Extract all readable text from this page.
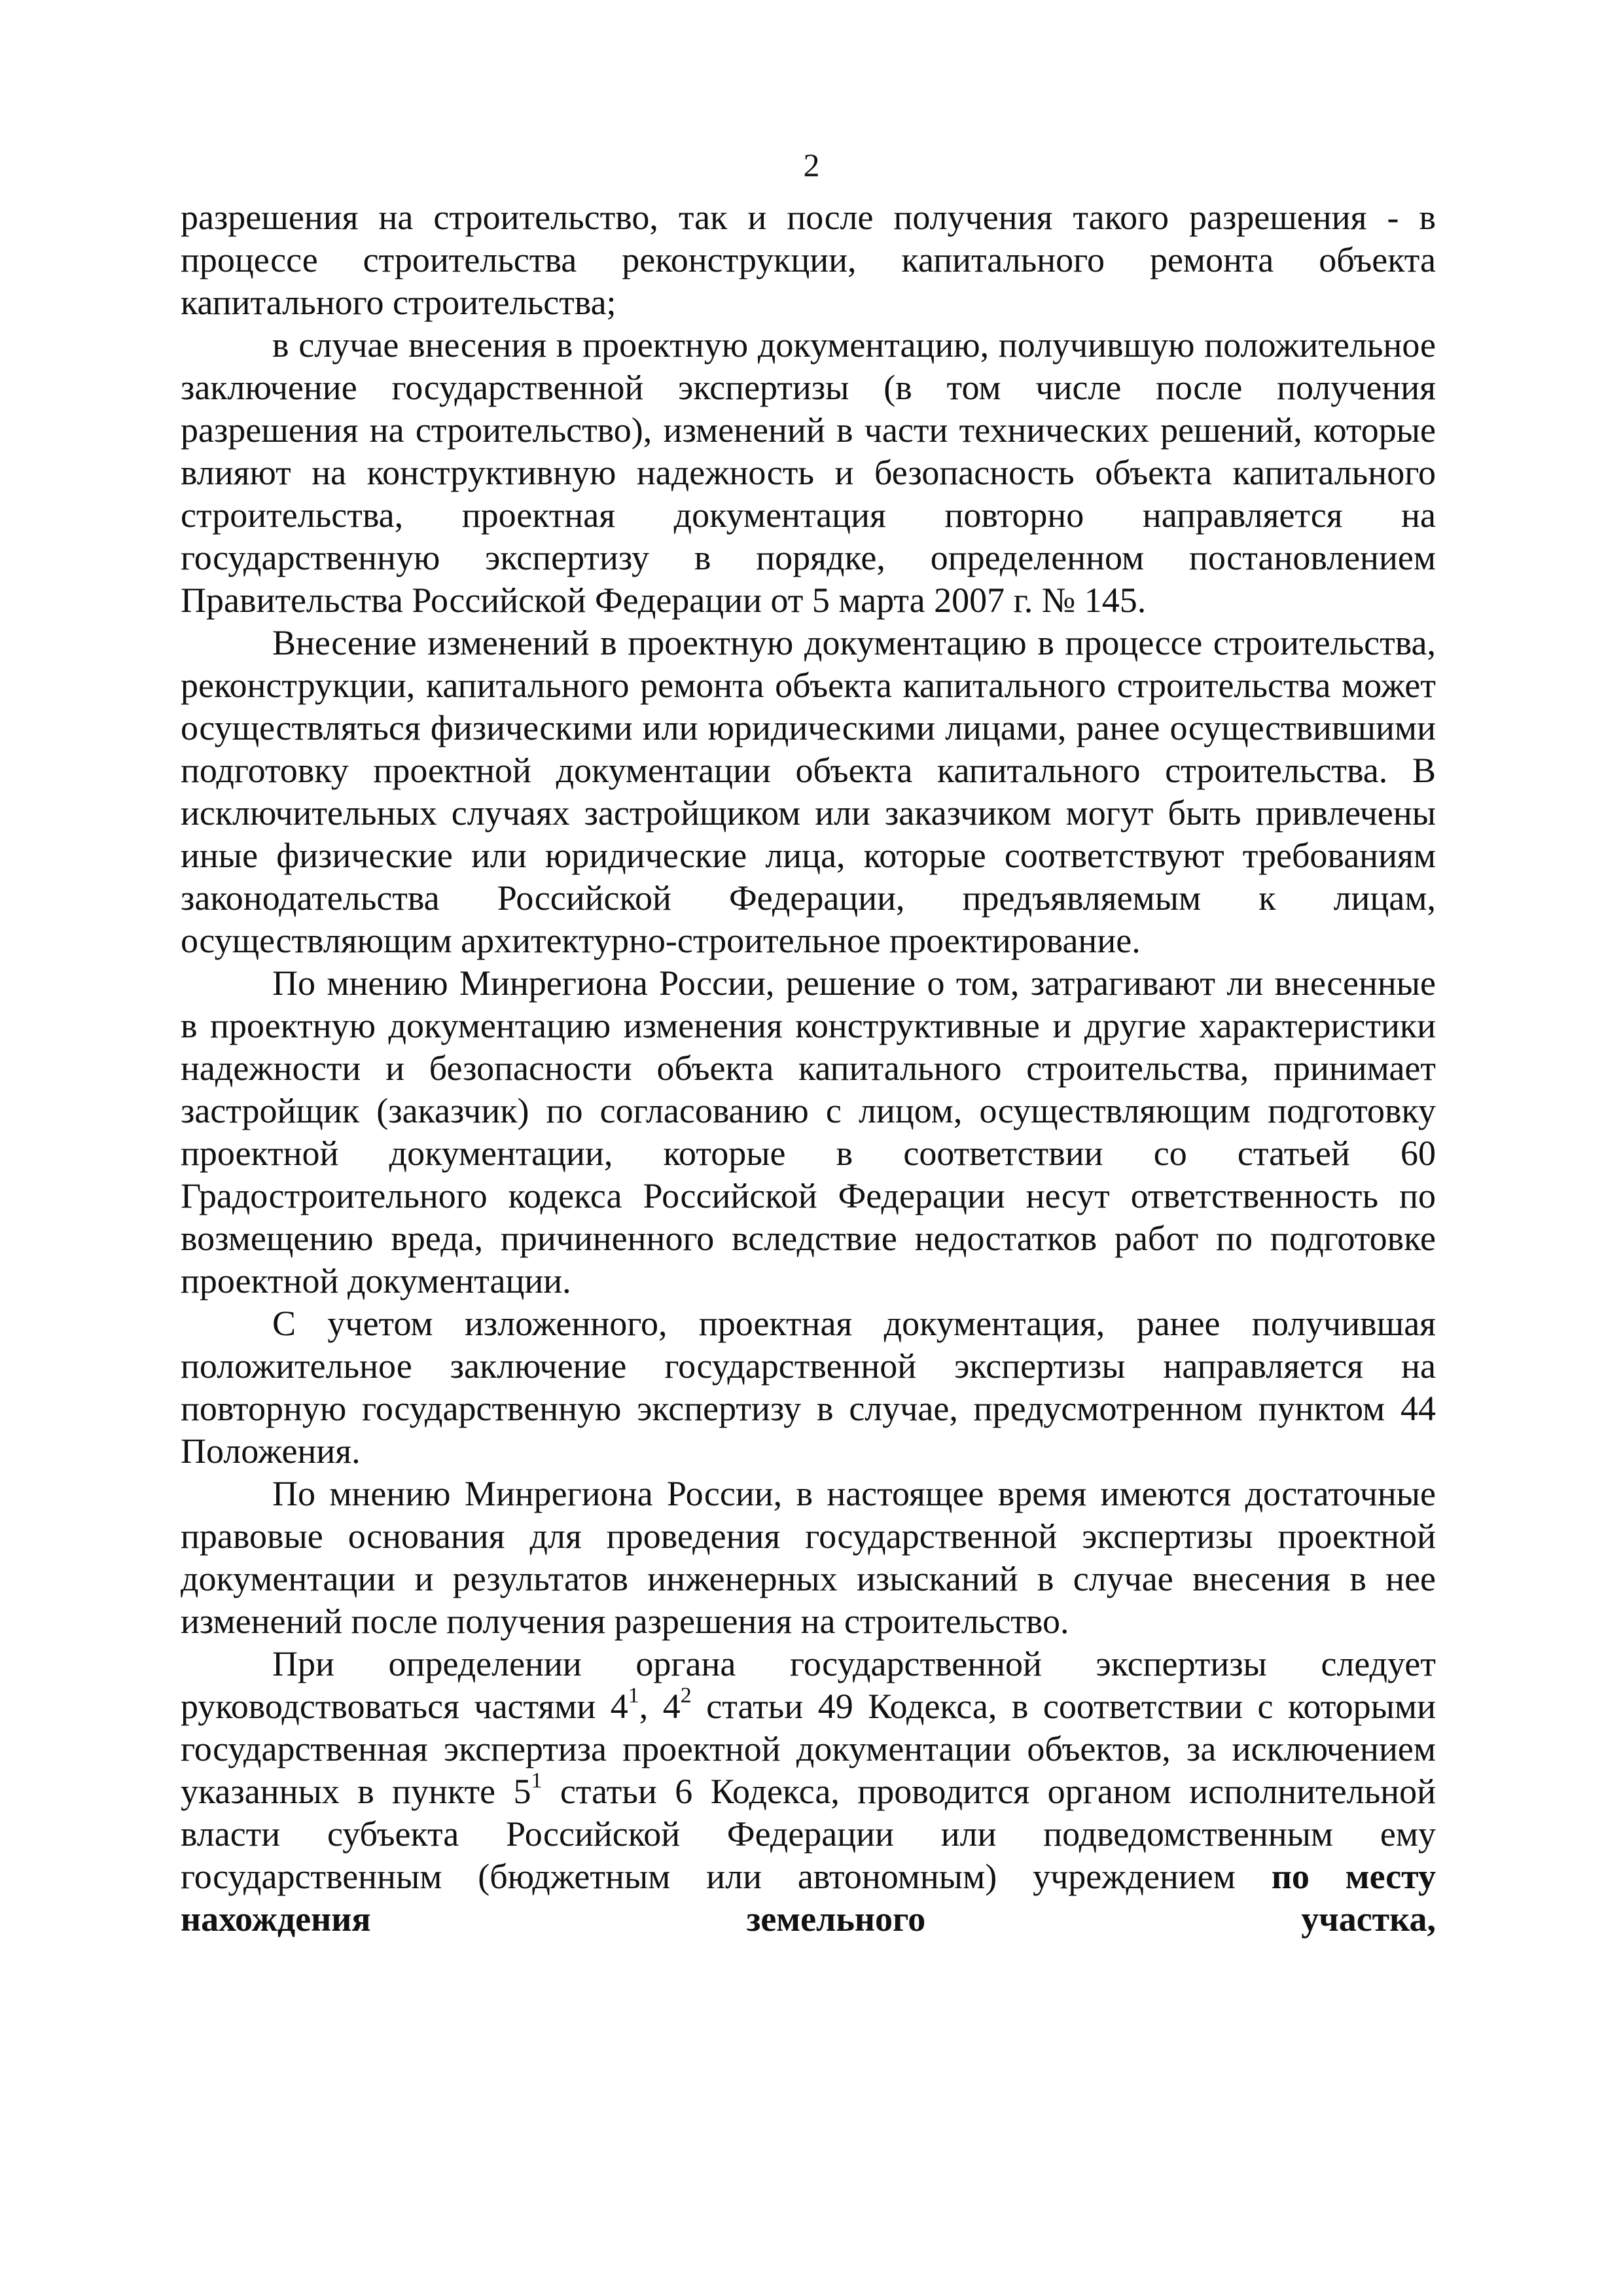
2

разрешения на строительство, так и после получения такого разрешения - в процессе строительства реконструкции, капитального ремонта объекта капитального строительства;

в случае внесения в проектную документацию, получившую положительное заключение государственной экспертизы (в том числе после получения разрешения на строительство), изменений в части технических решений, которые влияют на конструктивную надежность и безопасность объекта капитального строительства, проектная документация повторно направляется на государственную экспертизу в порядке, определенном постановлением Правительства Российской Федерации от 5 марта 2007 г. № 145.

Внесение изменений в проектную документацию в процессе строительства, реконструкции, капитального ремонта объекта капитального строительства может осуществляться физическими или юридическими лицами, ранее осуществившими подготовку проектной документации объекта капитального строительства. В исключительных случаях застройщиком или заказчиком могут быть привлечены иные физические или юридические лица, которые соответствуют требованиям законодательства Российской Федерации, предъявляемым к лицам, осуществляющим архитектурно-строительное проектирование.

По мнению Минрегиона России, решение о том, затрагивают ли внесенные в проектную документацию изменения конструктивные и другие характеристики надежности и безопасности объекта капитального строительства, принимает застройщик (заказчик) по согласованию с лицом, осуществляющим подготовку проектной документации, которые в соответствии со статьей 60 Градостроительного кодекса Российской Федерации несут ответственность по возмещению вреда, причиненного вследствие недостатков работ по подготовке проектной документации.

С учетом изложенного, проектная документация, ранее получившая положительное заключение государственной экспертизы направляется на повторную государственную экспертизу в случае, предусмотренном пунктом 44 Положения.

По мнению Минрегиона России, в настоящее время имеются достаточные правовые основания для проведения государственной экспертизы проектной документации и результатов инженерных изысканий в случае внесения в нее изменений после получения разрешения на строительство.

При определении органа государственной экспертизы следует руководствоваться частями $4^1$, $4^2$ статьи 49 Кодекса, в соответствии с которыми государственная экспертиза проектной документации объектов, за исключением указанных в пункте $5^1$ статьи 6 Кодекса, проводится органом исполнительной власти субъекта Российской Федерации или подведомственным ему государственным (бюджетным или автономным) учреждением по месту нахождения земельного участка,
